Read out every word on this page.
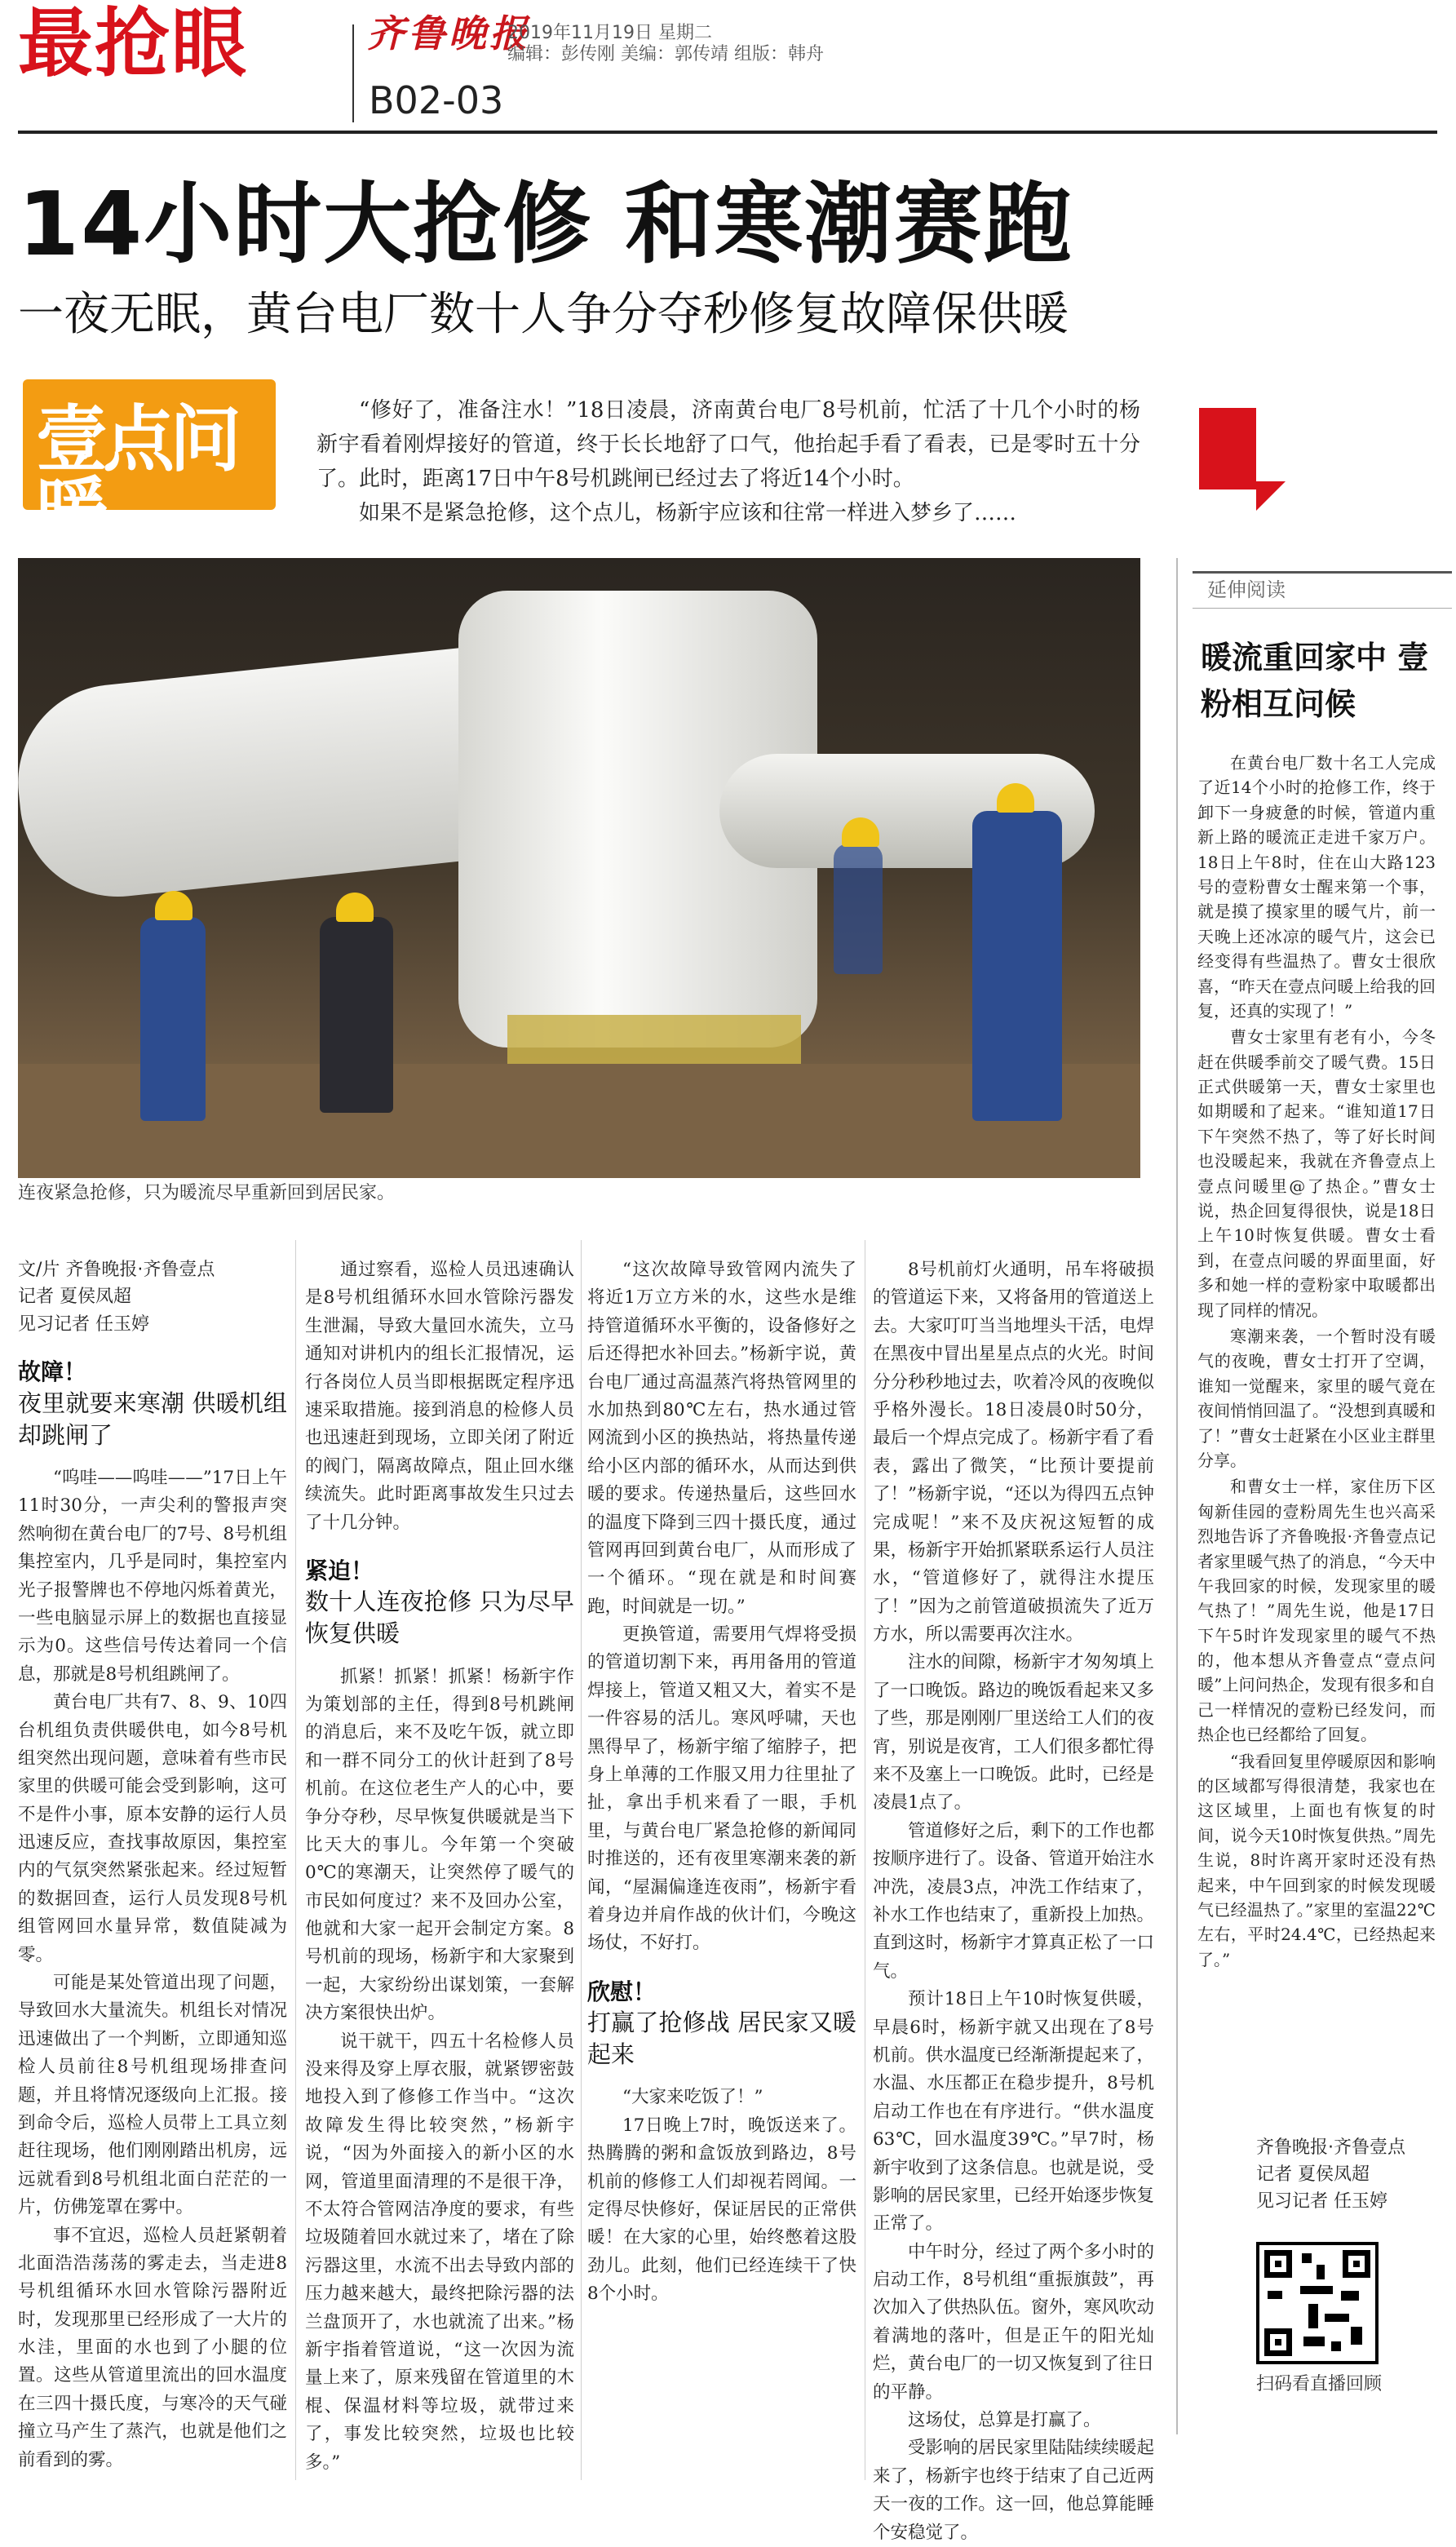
最抢眼	齐鲁晚报
2019年11月19日 星期二
编辑：彭传刚 美编：郭传靖 组版：韩舟
B02-03
14小时大抢修 和寒潮赛跑
一夜无眠，黄台电厂数十人争分夺秒修复故障保供暖
壹点问暖

“修好了，准备注水！”18日凌晨，济南黄台电厂8号机前，忙活了十几个小时的杨新宇看着刚焊接好的管道，终于长长地舒了口气，他抬起手看了看表，已是零时五十分了。此时，距离17日中午8号机跳闸已经过去了将近14个小时。

如果不是紧急抢修，这个点儿，杨新宇应该和往常一样进入梦乡了……

连夜紧急抢修，只为暖流尽早重新回到居民家。

文/片 齐鲁晚报·齐鲁壹点

记者 夏侯凤超

见习记者 任玉婷

故障！
夜里就要来寒潮 供暖机组却跳闸了

“呜哇——呜哇——”17日上午11时30分，一声尖利的警报声突然响彻在黄台电厂的7号、8号机组集控室内，几乎是同时，集控室内光子报警牌也不停地闪烁着黄光，一些电脑显示屏上的数据也直接显示为0。这些信号传达着同一个信息，那就是8号机组跳闸了。

黄台电厂共有7、8、9、10四台机组负责供暖供电，如今8号机组突然出现问题，意味着有些市民家里的供暖可能会受到影响，这可不是件小事，原本安静的运行人员迅速反应，查找事故原因，集控室内的气氛突然紧张起来。经过短暂的数据回查，运行人员发现8号机组管网回水量异常，数值陡减为零。

可能是某处管道出现了问题，导致回水大量流失。机组长对情况迅速做出了一个判断，立即通知巡检人员前往8号机组现场排查问题，并且将情况逐级向上汇报。接到命令后，巡检人员带上工具立刻赶往现场，他们刚刚踏出机房，远远就看到8号机组北面白茫茫的一片，仿佛笼罩在雾中。

事不宜迟，巡检人员赶紧朝着北面浩浩荡荡的雾走去，当走进8号机组循环水回水管除污器附近时，发现那里已经形成了一大片的水洼，里面的水也到了小腿的位置。这些从管道里流出的回水温度在三四十摄氏度，与寒冷的天气碰撞立马产生了蒸汽，也就是他们之前看到的雾。

通过察看，巡检人员迅速确认是8号机组循环水回水管除污器发生泄漏，导致大量回水流失，立马通知对讲机内的组长汇报情况，运行各岗位人员当即根据既定程序迅速采取措施。接到消息的检修人员也迅速赶到现场，立即关闭了附近的阀门，隔离故障点，阻止回水继续流失。此时距离事故发生只过去了十几分钟。

紧迫！
数十人连夜抢修 只为尽早恢复供暖

抓紧！抓紧！抓紧！杨新宇作为策划部的主任，得到8号机跳闸的消息后，来不及吃午饭，就立即和一群不同分工的伙计赶到了8号机前。在这位老生产人的心中，要争分夺秒，尽早恢复供暖就是当下比天大的事儿。今年第一个突破0℃的寒潮天，让突然停了暖气的市民如何度过？来不及回办公室，他就和大家一起开会制定方案。8号机前的现场，杨新宇和大家聚到一起，大家纷纷出谋划策，一套解决方案很快出炉。

说干就干，四五十名检修人员没来得及穿上厚衣服，就紧锣密鼓地投入到了修修工作当中。“这次故障发生得比较突然，”杨新宇说，“因为外面接入的新小区的水网，管道里面清理的不是很干净，不太符合管网洁净度的要求，有些垃圾随着回水就过来了，堵在了除污器这里，水流不出去导致内部的压力越来越大，最终把除污器的法兰盘顶开了，水也就流了出来。”杨新宇指着管道说，“这一次因为流量上来了，原来残留在管道里的木棍、保温材料等垃圾，就带过来了，事发比较突然，垃圾也比较多。”

“这次故障导致管网内流失了将近1万立方米的水，这些水是维持管道循环水平衡的，设备修好之后还得把水补回去。”杨新宇说，黄台电厂通过高温蒸汽将热管网里的水加热到80℃左右，热水通过管网流到小区的换热站，将热量传递给小区内部的循环水，从而达到供暖的要求。传递热量后，这些回水的温度下降到三四十摄氏度，通过管网再回到黄台电厂，从而形成了一个循环。“现在就是和时间赛跑，时间就是一切。”

更换管道，需要用气焊将受损的管道切割下来，再用备用的管道焊接上，管道又粗又大，着实不是一件容易的活儿。寒风呼啸，天也黑得早了，杨新宇缩了缩脖子，把身上单薄的工作服又用力往里扯了扯，拿出手机来看了一眼，手机里，与黄台电厂紧急抢修的新闻同时推送的，还有夜里寒潮来袭的新闻，“屋漏偏逢连夜雨”，杨新宇看着身边并肩作战的伙计们，今晚这场仗，不好打。

欣慰！
打赢了抢修战 居民家又暖起来

“大家来吃饭了！”

17日晚上7时，晚饭送来了。热腾腾的粥和盒饭放到路边，8号机前的修修工人们却视若罔闻。一定得尽快修好，保证居民的正常供暖！在大家的心里，始终憋着这股劲儿。此刻，他们已经连续干了快8个小时。

8号机前灯火通明，吊车将破损的管道运下来，又将备用的管道送上去。大家叮叮当当地埋头干活，电焊在黑夜中冒出星星点点的火光。时间分分秒秒地过去，吹着冷风的夜晚似乎格外漫长。18日凌晨0时50分，最后一个焊点完成了。杨新宇看了看表，露出了微笑，“比预计要提前了！”杨新宇说，“还以为得四五点钟完成呢！”来不及庆祝这短暂的成果，杨新宇开始抓紧联系运行人员注水，“管道修好了，就得注水提压了！”因为之前管道破损流失了近万方水，所以需要再次注水。

注水的间隙，杨新宇才匆匆填上了一口晚饭。路边的晚饭看起来又多了些，那是刚刚厂里送给工人们的夜宵，别说是夜宵，工人们很多都忙得来不及塞上一口晚饭。此时，已经是凌晨1点了。

管道修好之后，剩下的工作也都按顺序进行了。设备、管道开始注水冲洗，凌晨3点，冲洗工作结束了，补水工作也结束了，重新投上加热。直到这时，杨新宇才算真正松了一口气。

预计18日上午10时恢复供暖，早晨6时，杨新宇就又出现在了8号机前。供水温度已经渐渐提起来了，水温、水压都正在稳步提升，8号机启动工作也在有序进行。“供水温度63℃，回水温度39℃。”早7时，杨新宇收到了这条信息。也就是说，受影响的居民家里，已经开始逐步恢复正常了。

中午时分，经过了两个多小时的启动工作，8号机组“重振旗鼓”，再次加入了供热队伍。窗外，寒风吹动着满地的落叶，但是正午的阳光灿烂，黄台电厂的一切又恢复到了往日的平静。

这场仗，总算是打赢了。

受影响的居民家里陆陆续续暖起来了，杨新宇也终于结束了自己近两天一夜的工作。这一回，他总算能睡个安稳觉了。

延伸阅读
暖流重回家中 壹粉相互问候

在黄台电厂数十名工人完成了近14个小时的抢修工作，终于卸下一身疲惫的时候，管道内重新上路的暖流正走进千家万户。18日上午8时，住在山大路123号的壹粉曹女士醒来第一个事，就是摸了摸家里的暖气片，前一天晚上还冰凉的暖气片，这会已经变得有些温热了。曹女士很欣喜，“昨天在壹点问暖上给我的回复，还真的实现了！”

曹女士家里有老有小，今冬赶在供暖季前交了暖气费。15日正式供暖第一天，曹女士家里也如期暖和了起来。“谁知道17日下午突然不热了，等了好长时间也没暖起来，我就在齐鲁壹点上壹点问暖里@了热企。”曹女士说，热企回复得很快，说是18日上午10时恢复供暖。曹女士看到，在壹点问暖的界面里面，好多和她一样的壹粉家中取暖都出现了同样的情况。

寒潮来袭，一个暂时没有暖气的夜晚，曹女士打开了空调，谁知一觉醒来，家里的暖气竟在夜间悄悄回温了。“没想到真暖和了！”曹女士赶紧在小区业主群里分享。

和曹女士一样，家住历下区匈新佳园的壹粉周先生也兴高采烈地告诉了齐鲁晚报·齐鲁壹点记者家里暖气热了的消息，“今天中午我回家的时候，发现家里的暖气热了！”周先生说，他是17日下午5时许发现家里的暖气不热的，他本想从齐鲁壹点“壹点问暖”上问问热企，发现有很多和自己一样情况的壹粉已经发问，而热企也已经都给了回复。

“我看回复里停暖原因和影响的区域都写得很清楚，我家也在这区域里，上面也有恢复的时间，说今天10时恢复供热。”周先生说，8时许离开家时还没有热起来，中午回到家的时候发现暖气已经温热了。”家里的室温22℃左右，平时24.4℃，已经热起来了。”

齐鲁晚报·齐鲁壹点
记者 夏侯凤超
见习记者 任玉婷
扫码看直播回顾
